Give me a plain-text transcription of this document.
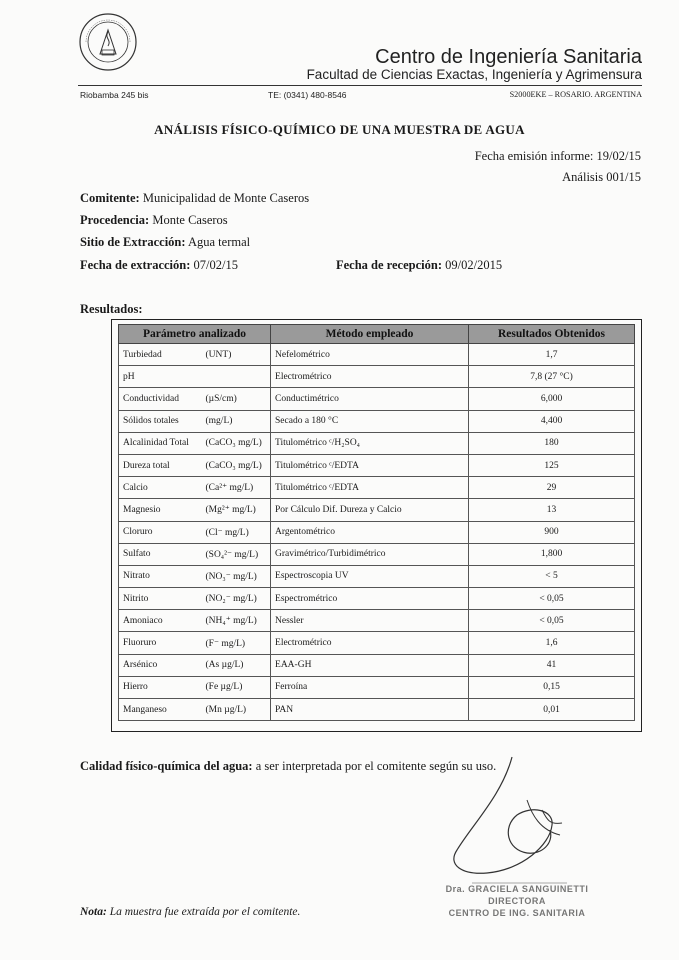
Centro de Ingeniería Sanitaria
Facultad de Ciencias Exactas, Ingeniería y Agrimensura
Riobamba 245 bis	TE: (0341) 480-8546	S2000EKE – ROSARIO. ARGENTINA
ANÁLISIS FÍSICO-QUÍMICO DE UNA MUESTRA DE AGUA
Fecha emisión informe: 19/02/15
Análisis 001/15
Comitente: Municipalidad de Monte Caseros
Procedencia: Monte Caseros
Sitio de Extracción: Agua termal
Fecha de extracción: 07/02/15	Fecha de recepción: 09/02/2015
Resultados:
Parámetro analizado		Método empleado	Resultados Obtenidos
Turbiedad	(UNT)	Nefelométrico	1,7
pH		Electrométrico	7,8 (27 °C)
Conductividad	(µS/cm)	Conductimétrico	6,000
Sólidos totales	(mg/L)	Secado a 180 °C	4,400
Alcalinidad Total	(CaCO₃ mg/L)	Titulométrico ᶜ/H₂SO₄	180
Dureza total	(CaCO₃ mg/L)	Titulométrico ᶜ/EDTA	125
Calcio	(Ca²⁺ mg/L)	Titulométrico ᶜ/EDTA	29
Magnesio	(Mg²⁺ mg/L)	Por Cálculo Dif. Dureza y Calcio	13
Cloruro	(Cl⁻ mg/L)	Argentométrico	900
Sulfato	(SO₄²⁻ mg/L)	Gravimétrico/Turbidimétrico	1,800
Nitrato	(NO₃⁻ mg/L)	Espectroscopia UV	< 5
Nitrito	(NO₂⁻ mg/L)	Espectrométrico	< 0,05
Amoniaco	(NH₄⁺ mg/L)	Nessler	< 0,05
Fluoruro	(F⁻ mg/L)	Electrométrico	1,6
Arsénico	(As µg/L)	EAA-GH	41
Hierro	(Fe µg/L)	Ferroína	0,15
Manganeso	(Mn µg/L)	PAN	0,01
Calidad físico-química del agua: a ser interpretada por el comitente según su uso.
Dra. GRACIELA SANGUINETTI
DIRECTORA
CENTRO DE ING. SANITARIA
Nota: La muestra fue extraída por el comitente.
